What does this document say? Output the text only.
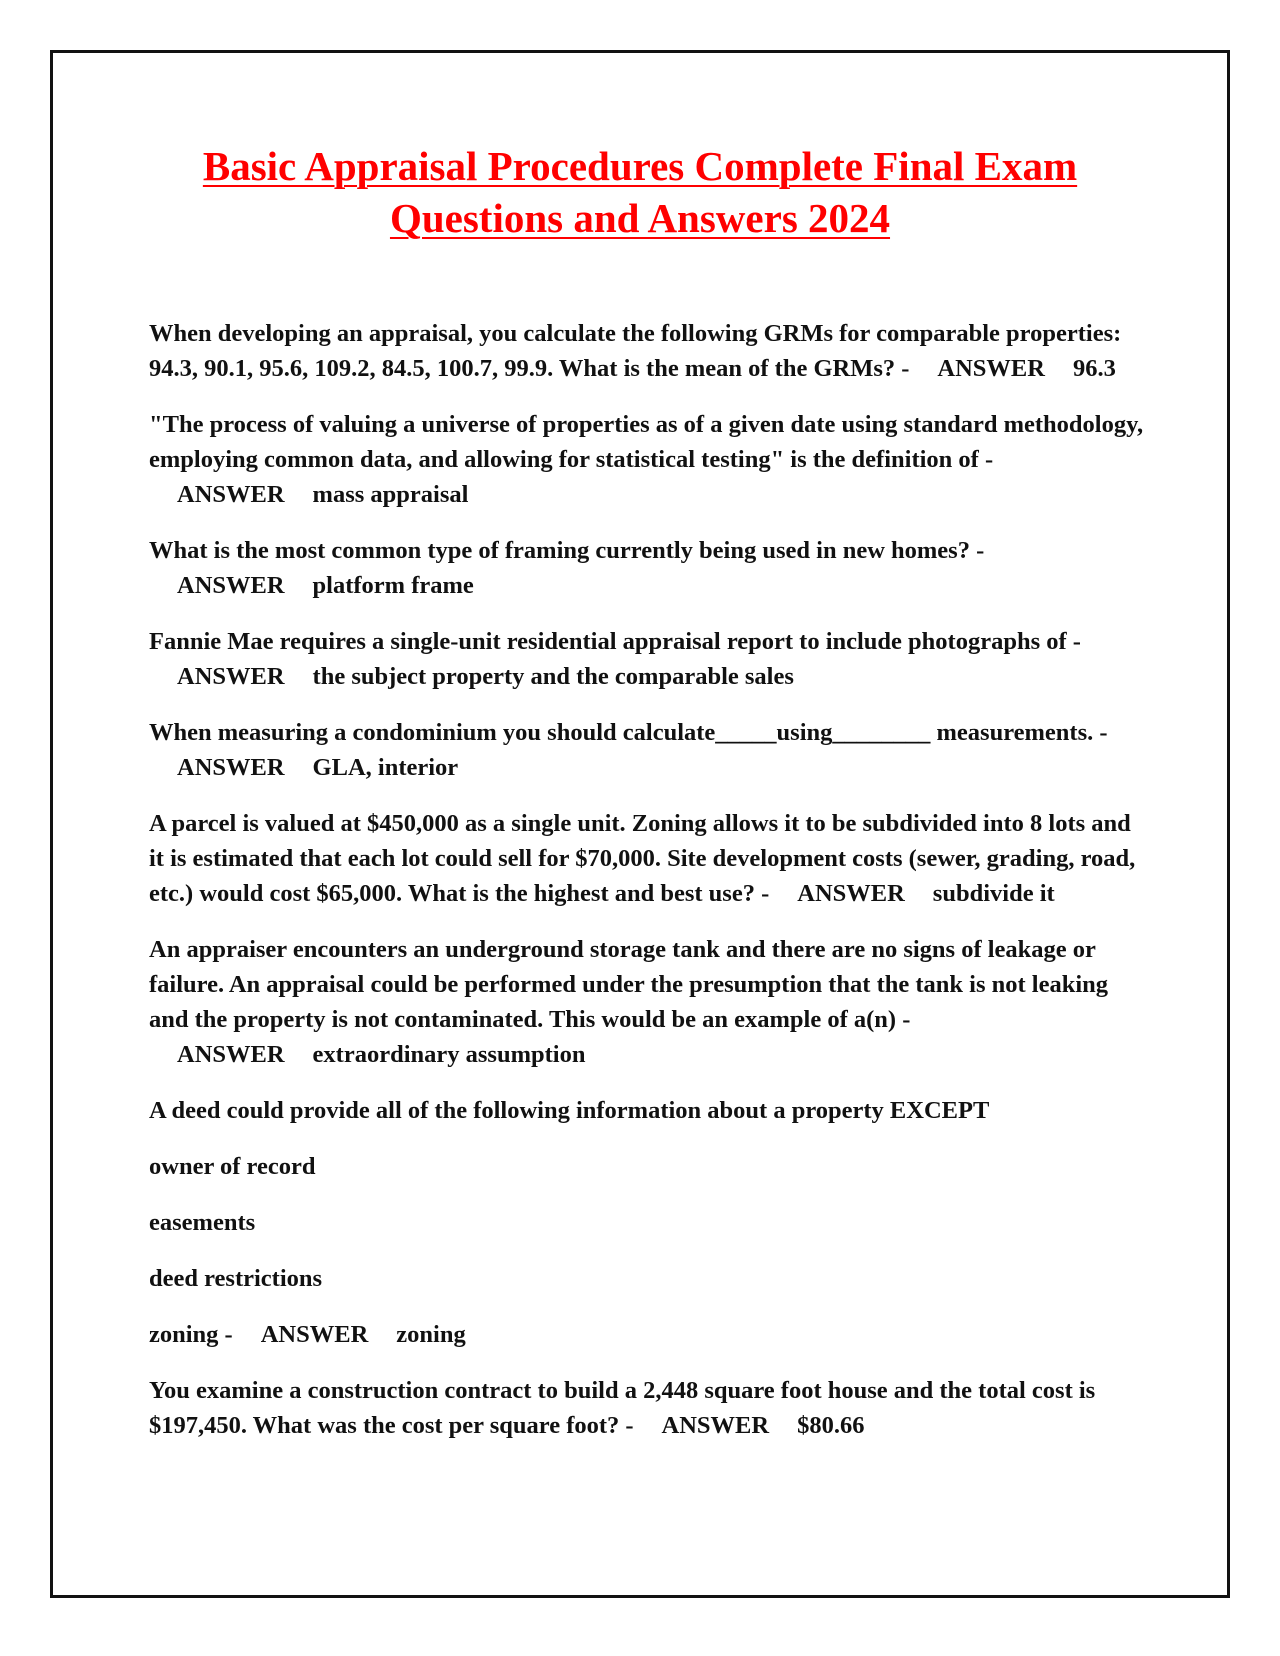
Basic Appraisal Procedures Complete Final Exam
Questions and Answers 2024
When developing an appraisal, you calculate the following GRMs for comparable properties: 94.3, 90.1, 95.6, 109.2, 84.5, 100.7, 99.9. What is the mean of the GRMs? - ANSWER 96.3
"The process of valuing a universe of properties as of a given date using standard methodology, employing common data, and allowing for statistical testing" is the definition of -ANSWER mass appraisal
What is the most common type of framing currently being used in new homes? -ANSWER platform frame
Fannie Mae requires a single-unit residential appraisal report to include photographs of -ANSWER the subject property and the comparable sales
When measuring a condominium you should calculate_____using________ measurements. -ANSWER GLA, interior
A parcel is valued at $450,000 as a single unit. Zoning allows it to be subdivided into 8 lots and it is estimated that each lot could sell for $70,000. Site development costs (sewer, grading, road, etc.) would cost $65,000. What is the highest and best use? - ANSWER subdivide it
An appraiser encounters an underground storage tank and there are no signs of leakage or failure. An appraisal could be performed under the presumption that the tank is not leaking and the property is not contaminated. This would be an example of a(n) -ANSWER extraordinary assumption
A deed could provide all of the following information about a property EXCEPT
owner of record
easements
deed restrictions
zoning - ANSWER zoning
You examine a construction contract to build a 2,448 square foot house and the total cost is $197,450. What was the cost per square foot? - ANSWER $80.66
